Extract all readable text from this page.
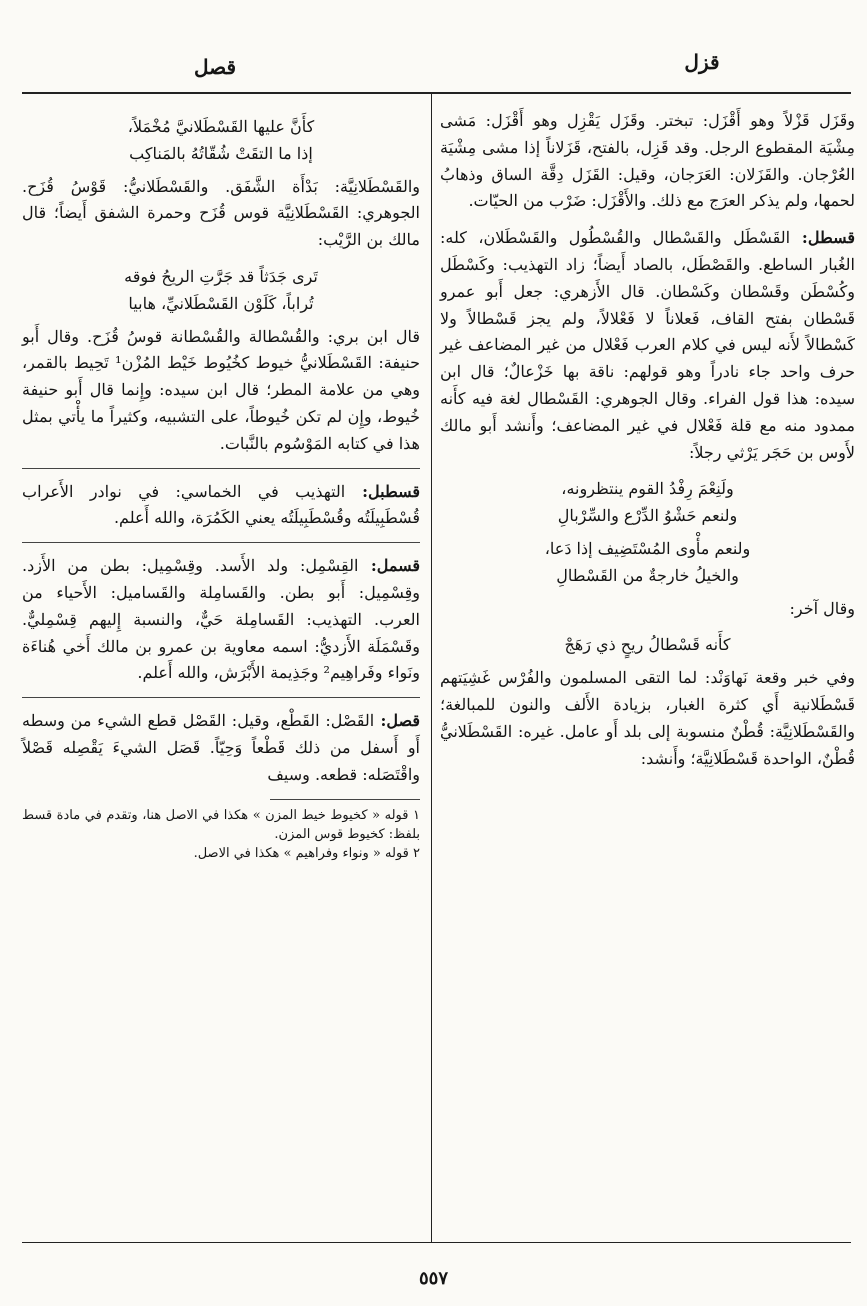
قزل
قصل
وقَزَل قَزْلاً وهو أَقْزَل: تبختر. وقَزَل يَقْزِل وهو أَقْزَل: مَشى مِشْيَة المقطوع الرجل. وقد قَزِل، بالفتح، قَزَلاناً إذا مشى مِشْيَة العُرْجان. والقَزَلان: العَرَجان، وقيل: القَزَل دِقَّة الساق وذهابُ لحمها، ولم يذكر العرَج مع ذلك. والأَقْزَل: ضَرْب من الحيّات.
قسطل: القَسْطَل والقَسْطال والقُسْطُول والقَسْطَلان، كله: الغُبار الساطع. والقَصْطَل، بالصاد أَيضاً؛ زاد التهذيب: وكَسْطَل وكُسْطَن وقَسْطان وكَسْطان. قال الأَزهري: جعل أَبو عمرو قَسْطان بفتح القاف، فَعلاناً لا فَعْلالاً، ولم يجز قَسْطالاً ولا كَسْطالاً لأَنه ليس في كلام العرب فَعْلال من غير المضاعف غير حرف واحد جاء نادراً وهو قولهم: ناقة بها خَزْعالٌ؛ قال ابن سيده: هذا قول الفراء. وقال الجوهري: القَسْطال لغة فيه كأَنه ممدود منه مع قلة فَعْلال في غير المضاعف؛ وأَنشد أَبو مالك لأَوس بن حَجَر يَرْثي رجلاً:
ولَنِعْمَ رِفْدُ القوم ينتظرونه،
ولنعم حَشْوُ الدِّرْع والسِّرْبالِ
ولنعم مأْوى المُسْتَضِيف إذا دَعا،
والخيلُ خارجةٌ من القَسْطالِ
وقال آخر:
كأَنه قَسْطالُ ريحٍ ذي رَهَجْ
وفي خبر وقعة نَهاوَنْد: لما التقى المسلمون والفُرْس غَشِيَتهم قَسْطَلانية أَي كثرة الغبار، بزيادة الأَلف والنون للمبالغة؛ والقَسْطَلانِيَّة: قُطْنٌ منسوبة إلى بلد أَو عامل. غيره: القَسْطَلانيُّ قُطْنٌ، الواحدة قَسْطَلانِيَّة؛ وأَنشد:
كأَنَّ عليها القَسْطَلانيَّ مُخْمَلاً،
إذا ما التقَتْ شُقّاتُهُ بالمَناكِب
والقَسْطَلانِيَّة: بَدْأَة الشَّفَق. والقَسْطَلانيُّ: قَوْسُ قُزَح. الجوهري: القَسْطَلانِيَّة قوس قُزَح وحمرة الشفق أَيضاً؛ قال مالك بن الرَّيْب:
تَرى جَدَثاً قد جَرَّتِ الريحُ فوقه
تُراباً، كَلَوْن القَسْطَلانيِّ، هابيا
قال ابن بري: والقُسْطالة والقُسْطانة قوسُ قُزَح. وقال أَبو حنيفة: القَسْطَلانيُّ خيوط كخُيُوط خَيْط المُزْن¹ تَحِيط بالقمر، وهي من علامة المطر؛ قال ابن سيده: وإِنما قال أَبو حنيفة خُيوط، وإِن لم تكن خُيوطاً، على التشبيه، وكثيراً ما يأْتي بمثل هذا في كتابه المَوْسُوم بالنَّبات.
قسطبل: التهذيب في الخماسي: في نوادر الأَعراب قُسْطَبِيلَتُه وقُسْطَبِيلَتُه يعني الكَمُرَة، والله أَعلم.
قسمل: القِسْمِل: ولد الأَسد. وقِسْمِيل: بطن من الأَزد. وقِسْمِيل: أَبو بطن. والقَسامِلة والقَساميل: الأَحياء من العرب. التهذيب: القَسامِلة حَيٌّ، والنسبة إِليهم قِسْمِليٌّ. وقَسْمَلَة الأَزديُّ: اسمه معاوية بن عمرو بن مالك أَخي هُناءَة ونَواء وفَراهِيم² وجَذِيمة الأَبْرَش، والله أَعلم.
قصل: القَصْل: القَطْع، وقيل: القَصْل قطع الشيء من وسطه أَو أَسفل من ذلك قَطْعاً وَحِيّاً. قَصَل الشيءَ يَقْصِله قَصْلاً واقْتَصَله: قطعه. وسيف
١ قوله « كخيوط خيط المزن » هكذا في الاصل هنا، وتقدم في مادة قسط بلفظ: كخيوط قوس المزن.
٢ قوله « ونواء وفراهيم » هكذا في الاصل.
٥٥٧
